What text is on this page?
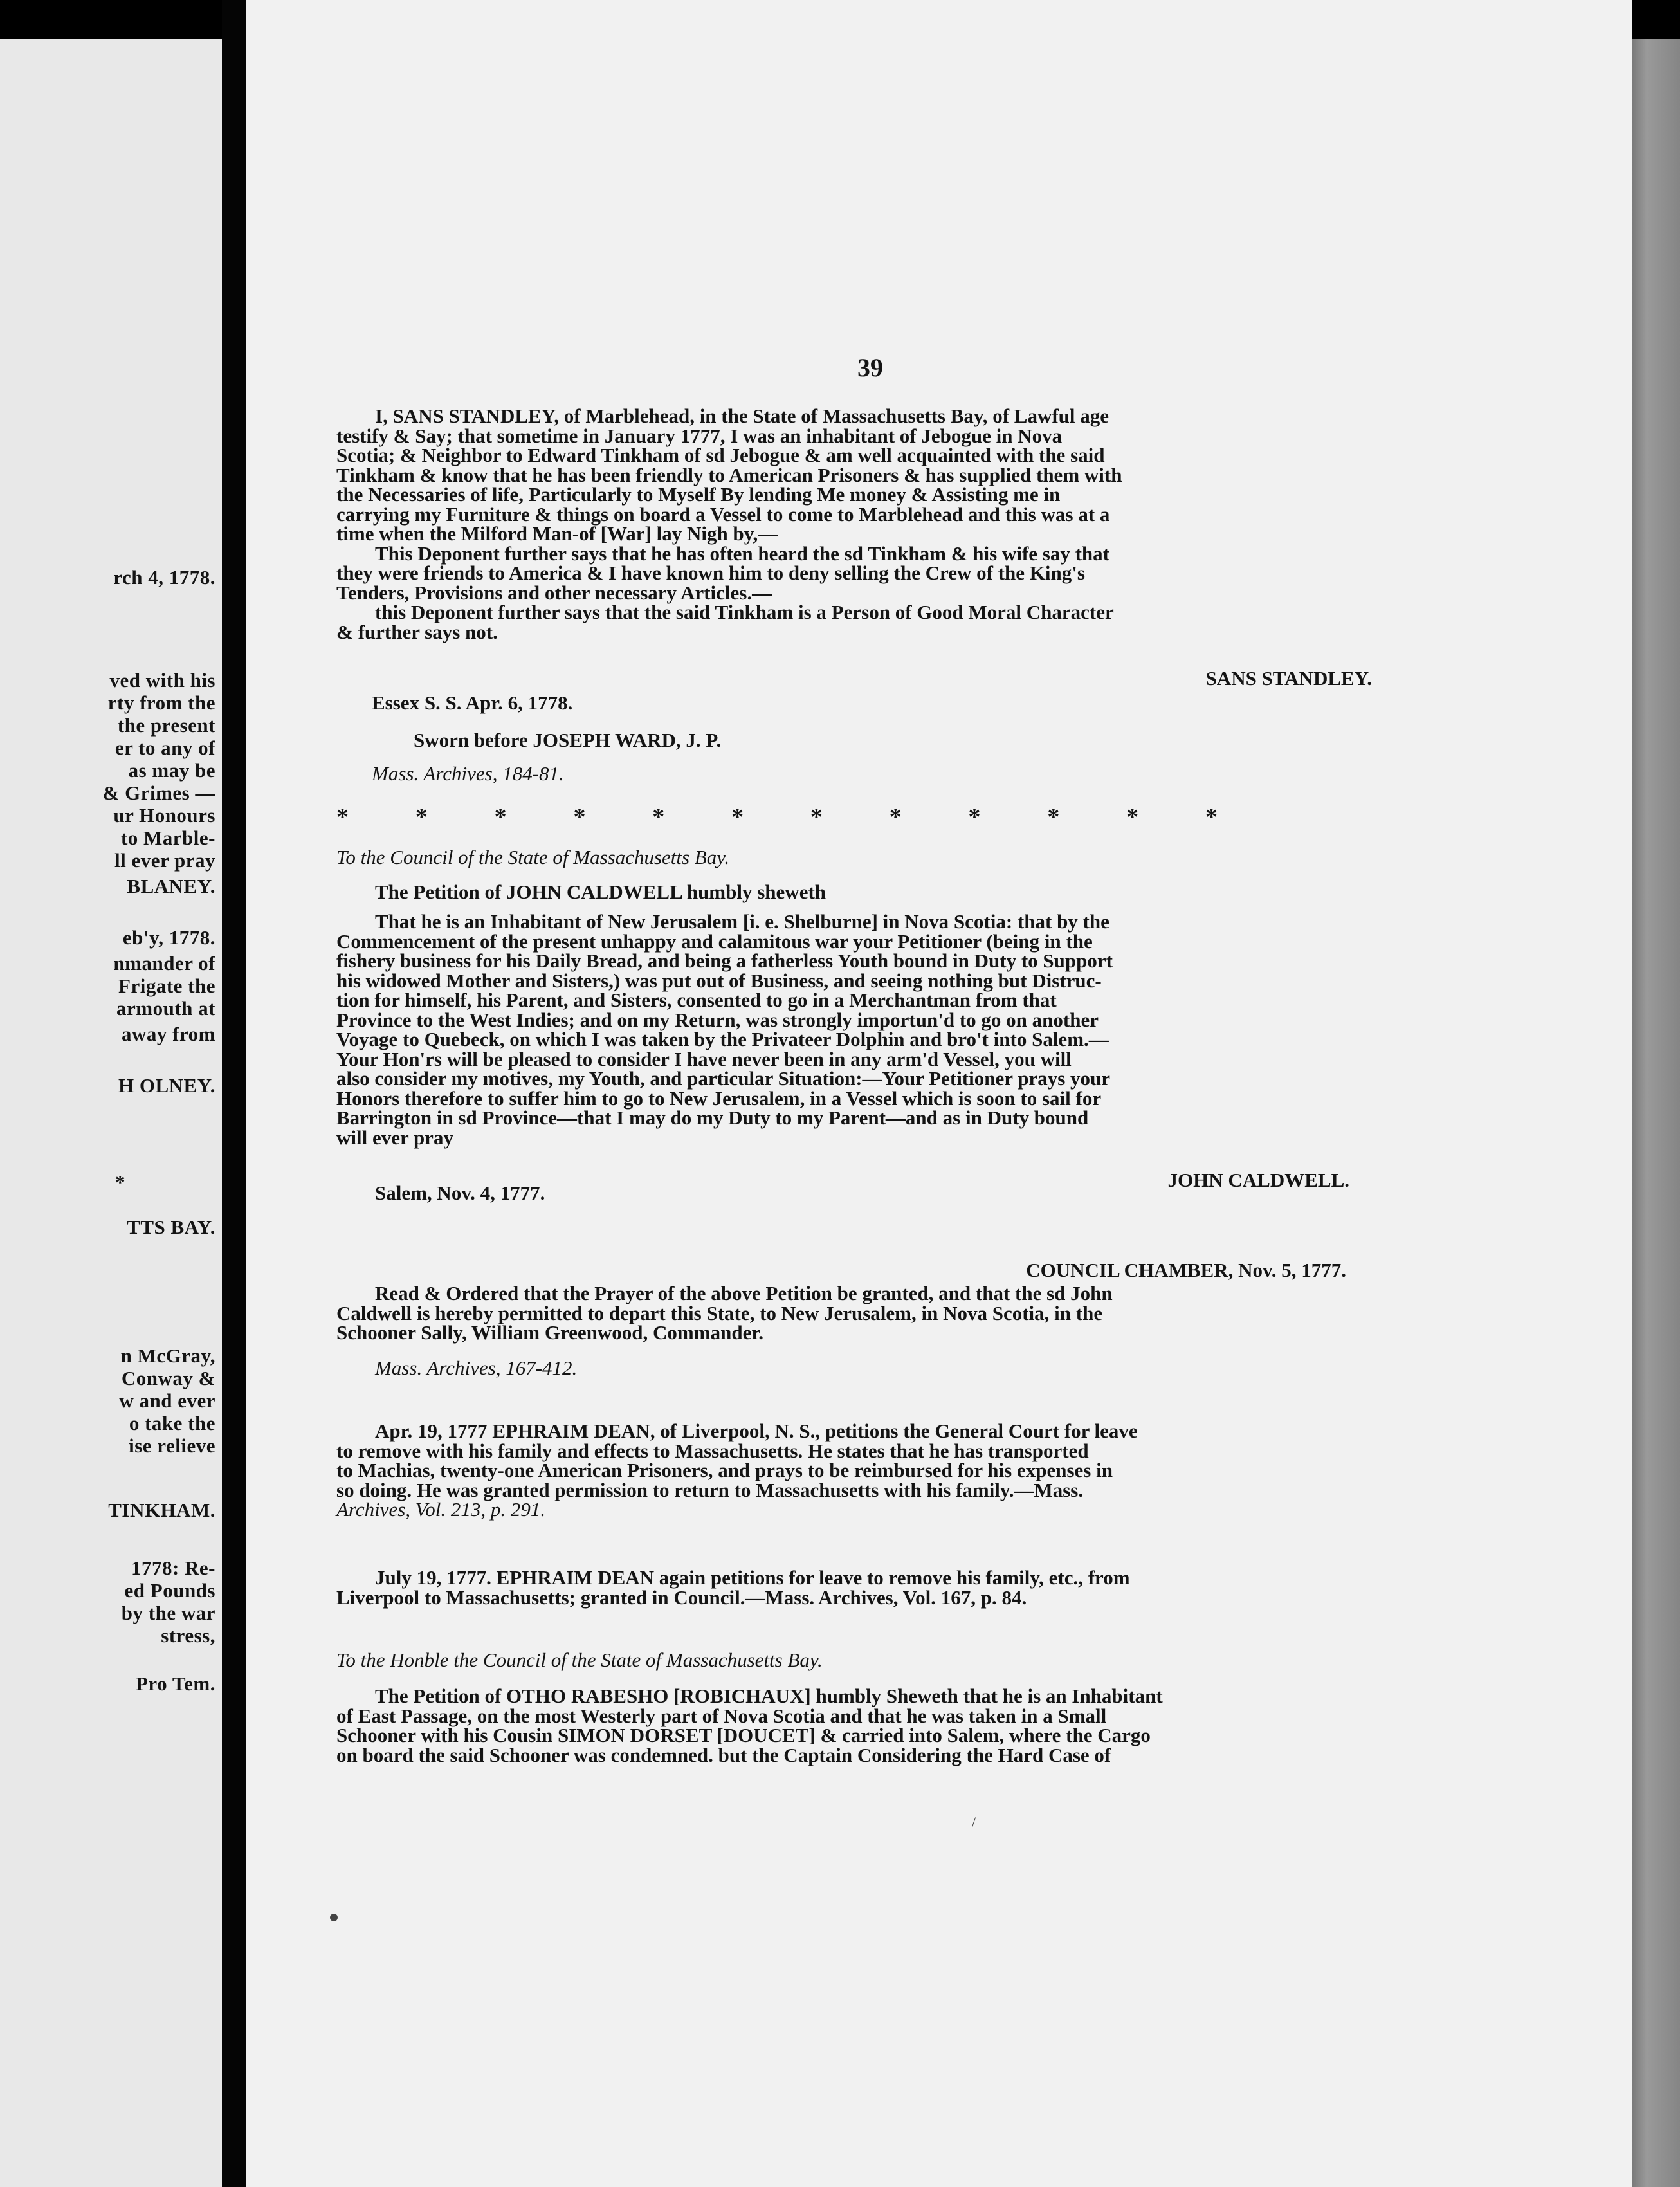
rch 4, 1778.
ved with his
rty from the
the present
er to any of
as may be
& Grimes —
ur Honours
to Marble-
ll ever pray
BLANEY.
eb'y, 1778.
nmander of
Frigate the
armouth at
away from
H OLNEY.
*
TTS BAY.
n McGray,
Conway &
w and ever
o take the
ise relieve
TINKHAM.
1778: Re-
ed Pounds
by the war
stress,
Pro Tem.
39

I, SANS STANDLEY, of Marblehead, in the State of Massachusetts Bay, of Lawful age

testify & Say; that sometime in January 1777, I was an inhabitant of Jebogue in Nova

Scotia; & Neighbor to Edward Tinkham of sd Jebogue & am well acquainted with the said

Tinkham & know that he has been friendly to American Prisoners & has supplied them with

the Necessaries of life, Particularly to Myself By lending Me money & Assisting me in

carrying my Furniture & things on board a Vessel to come to Marblehead and this was at a

time when the Milford Man-of [War] lay Nigh by,—

This Deponent further says that he has often heard the sd Tinkham & his wife say that

they were friends to America & I have known him to deny selling the Crew of the King's

Tenders, Provisions and other necessary Articles.—

this Deponent further says that the said Tinkham is a Person of Good Moral Character

& further says not.

SANS STANDLEY.

Essex S. S. Apr. 6, 1778.
Sworn before JOSEPH WARD, J. P.
Mass. Archives, 184-81.
*	*	*	*	*	*	*	*	*	*	*	*
To the Council of the State of Massachusetts Bay.
The Petition of JOHN CALDWELL humbly sheweth

That he is an Inhabitant of New Jerusalem [i. e. Shelburne] in Nova Scotia: that by the

Commencement of the present unhappy and calamitous war your Petitioner (being in the

fishery business for his Daily Bread, and being a fatherless Youth bound in Duty to Support

his widowed Mother and Sisters,) was put out of Business, and seeing nothing but Distruc-

tion for himself, his Parent, and Sisters, consented to go in a Merchantman from that

Province to the West Indies; and on my Return, was strongly importun'd to go on another

Voyage to Quebeck, on which I was taken by the Privateer Dolphin and bro't into Salem.—

Your Hon'rs will be pleased to consider I have never been in any arm'd Vessel, you will

also consider my motives, my Youth, and particular Situation:—Your Petitioner prays your

Honors therefore to suffer him to go to New Jerusalem, in a Vessel which is soon to sail for

Barrington in sd Province—that I may do my Duty to my Parent—and as in Duty bound

will ever pray

JOHN CALDWELL.

Salem, Nov. 4, 1777.

COUNCIL CHAMBER, Nov. 5, 1777.

Read & Ordered that the Prayer of the above Petition be granted, and that the sd John

Caldwell is hereby permitted to depart this State, to New Jerusalem, in Nova Scotia, in the

Schooner Sally, William Greenwood, Commander.

Mass. Archives, 167-412.

Apr. 19, 1777 EPHRAIM DEAN, of Liverpool, N. S., petitions the General Court for leave

to remove with his family and effects to Massachusetts. He states that he has transported

to Machias, twenty-one American Prisoners, and prays to be reimbursed for his expenses in

so doing. He was granted permission to return to Massachusetts with his family.—Mass.

Archives, Vol. 213, p. 291.

July 19, 1777. EPHRAIM DEAN again petitions for leave to remove his family, etc., from

Liverpool to Massachusetts; granted in Council.—Mass. Archives, Vol. 167, p. 84.

To the Honble the Council of the State of Massachusetts Bay.

The Petition of OTHO RABESHO [ROBICHAUX] humbly Sheweth that he is an Inhabitant

of East Passage, on the most Westerly part of Nova Scotia and that he was taken in a Small

Schooner with his Cousin SIMON DORSET [DOUCET] & carried into Salem, where the Cargo

on board the said Schooner was condemned. but the Captain Considering the Hard Case of

/
